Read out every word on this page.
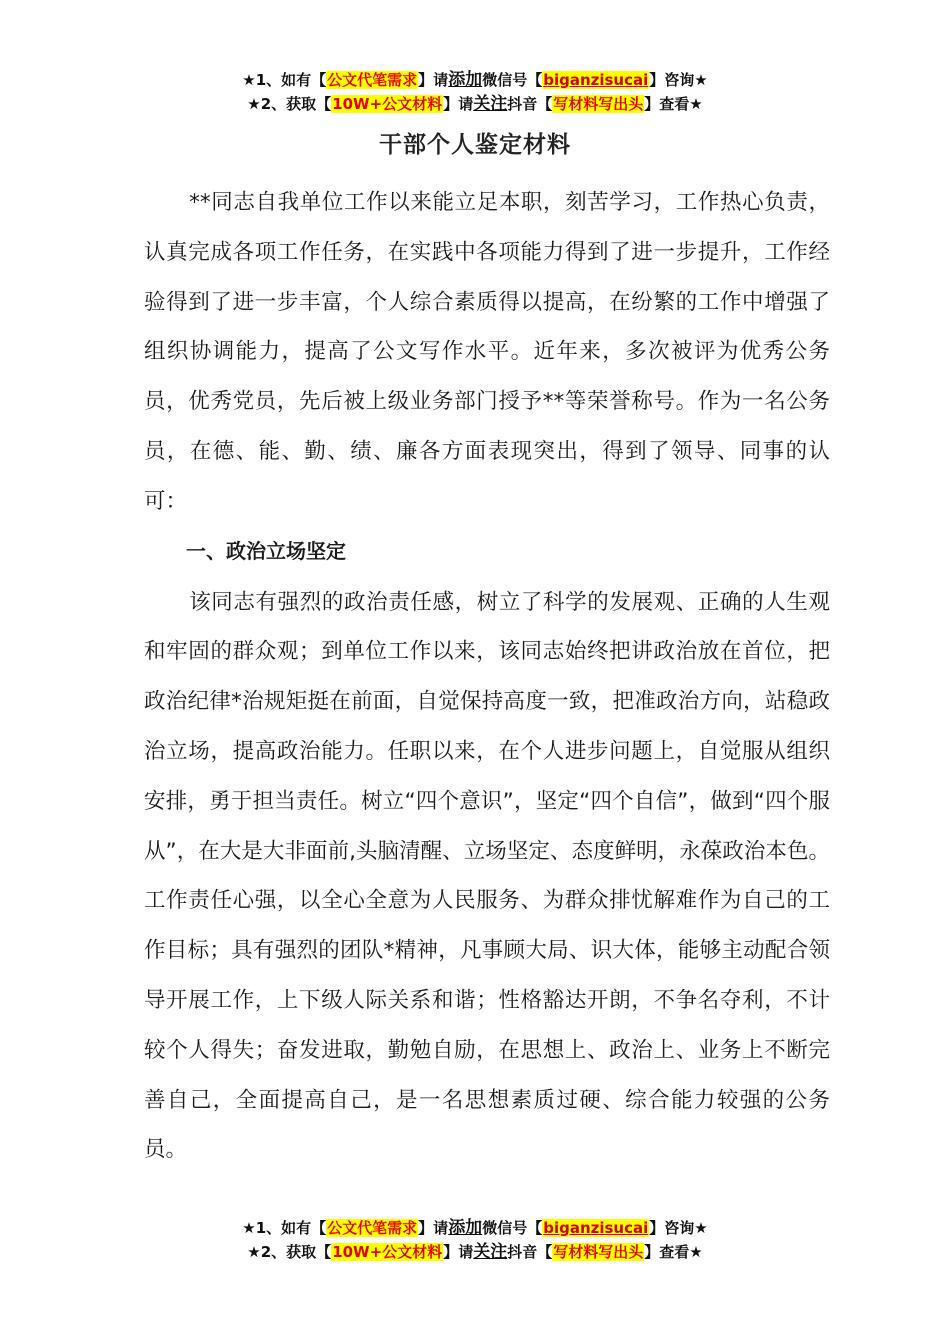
★1、如有【公文代笔需求】请添加微信号【biganzisucai】咨询★
★2、获取【10W+公文材料】请关注抖音【写材料写出头】查看★
干部个人鉴定材料

**同志自我单位工作以来能立足本职，刻苦学习，工作热心负责，认真完成各项工作任务，在实践中各项能力得到了进一步提升，工作经验得到了进一步丰富，个人综合素质得以提高，在纷繁的工作中增强了组织协调能力，提高了公文写作水平。近年来，多次被评为优秀公务员，优秀党员，先后被上级业务部门授予**等荣誉称号。作为一名公务员，在德、能、勤、绩、廉各方面表现突出，得到了领导、同事的认可：

一、政治立场坚定

该同志有强烈的政治责任感，树立了科学的发展观、正确的人生观和牢固的群众观；到单位工作以来，该同志始终把讲政治放在首位，把政治纪律*治规矩挺在前面，自觉保持高度一致，把准政治方向，站稳政治立场，提高政治能力。任职以来，在个人进步问题上，自觉服从组织安排，勇于担当责任。树立“四个意识”，坚定“四个自信”，做到“四个服从”，在大是大非面前,头脑清醒、立场坚定、态度鲜明，永葆政治本色。工作责任心强，以全心全意为人民服务、为群众排忧解难作为自己的工作目标；具有强烈的团队*精神，凡事顾大局、识大体，能够主动配合领导开展工作，上下级人际关系和谐；性格豁达开朗，不争名夺利，不计较个人得失；奋发进取，勤勉自励，在思想上、政治上、业务上不断完善自己，全面提高自己，是一名思想素质过硬、综合能力较强的公务员。

★1、如有【公文代笔需求】请添加微信号【biganzisucai】咨询★
★2、获取【10W+公文材料】请关注抖音【写材料写出头】查看★
